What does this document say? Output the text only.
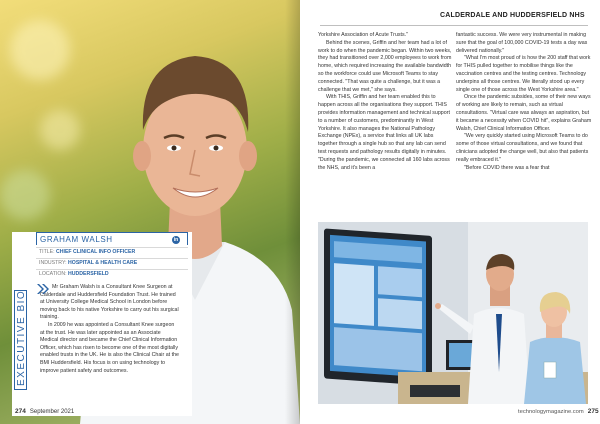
GRAHAM WALSH	in
TITLE: CHIEF CLINICAL INFO OFFICER
INDUSTRY: HOSPITAL & HEALTH CARE
LOCATION: HUDDERSFIELD

Mr Graham Walsh is a Consultant Knee Surgeon at Calderdale and Huddersfield Foundation Trust. He trained at University College Medical School in London before moving back to his native Yorkshire to carry out his surgical training.

In 2009 he was appointed a Consultant Knee surgeon at the trust. He was later appointed as an Associate Medical director and became the Chief Clinical Information Officer, which has risen to become one of the most digitally enabled trusts in the UK. He is also the Clinical Chair at the BMI Huddersfield. His focus is on using technology to improve patient safety and outcomes.

EXECUTIVE BIO
274 September 2021
CALDERDALE AND HUDDERSFIELD NHS

Yorkshire Association of Acute Trusts."

Behind the scenes, Griffin and her team had a lot of work to do when the pandemic began. Within two weeks, they had transitioned over 2,000 employees to work from home, which required increasing the available bandwidth so the workforce could use Microsoft Teams to stay connected. "That was quite a challenge, but it was a challenge that we met," she says.

With THIS, Griffin and her team enabled this to happen across all the organisations they support. THIS provides information management and technical support to a number of customers, predominantly in West Yorkshire. It also manages the National Pathology Exchange (NPEx), a service that links all UK labs together through a single hub so that any lab can send test requests and pathology results digitally in minutes. "During the pandemic, we connected all 160 labs across the NHS, and it's been a

fantastic success. We were very instrumental in making sure that the goal of 100,000 COVID-19 tests a day was delivered nationally."

"What I'm most proud of is how the 200 staff that work for THIS pulled together to mobilise things like the vaccination centres and the testing centres. Technology underpins all those centres. We literally stood up every single one of those across the West Yorkshire area."

Once the pandemic subsides, some of their new ways of working are likely to remain, such as virtual consultations. "Virtual care was always an aspiration, but it became a necessity when COVID hit", explains Graham Walsh, Chief Clinical Information Officer.

"We very quickly started using Microsoft Teams to do some of those virtual consultations, and we found that clinicians adopted the change well, but also that patients really embraced it."

"Before COVID there was a fear that

technologymagazine.com 275
